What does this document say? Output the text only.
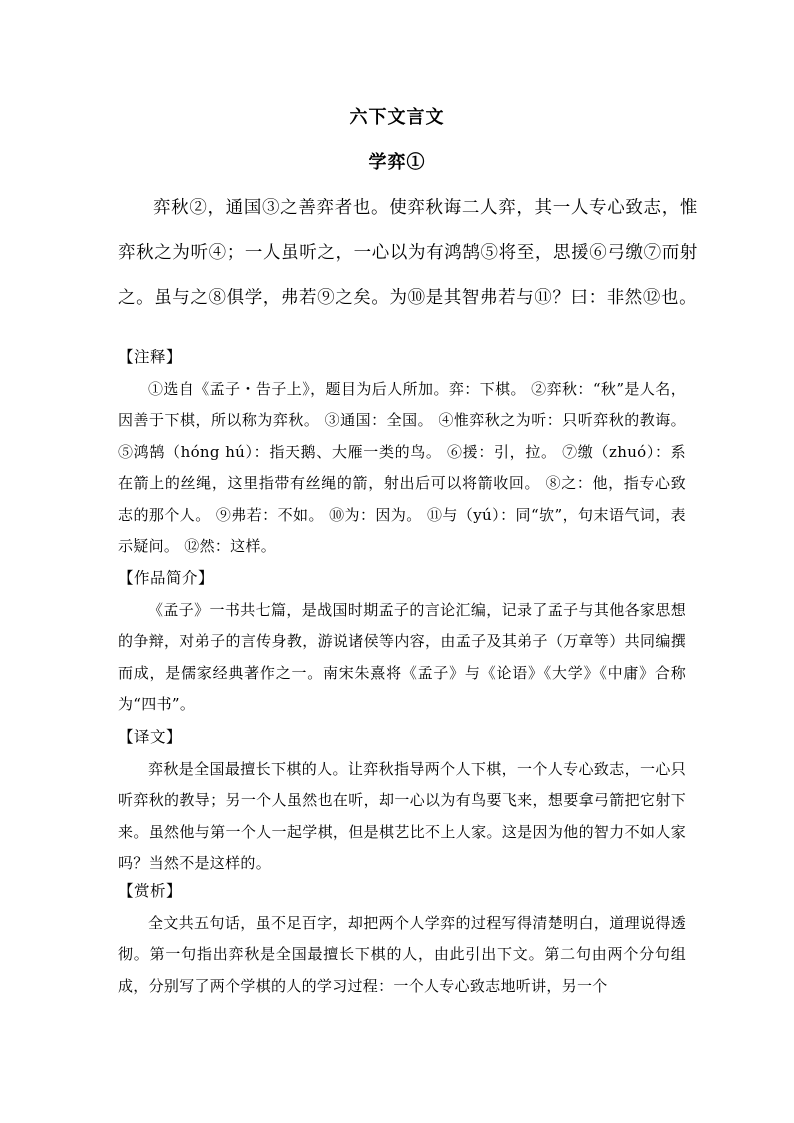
六下文言文
学弈①

弈秋②，通国③之善弈者也。使弈秋诲二人弈，其一人专心致志，惟弈秋之为听④；一人虽听之，一心以为有鸿鹄⑤将至，思援⑥弓缴⑦而射之。虽与之⑧俱学，弗若⑨之矣。为⑩是其智弗若与⑪？曰：非然⑫也。

【注释】

①选自《孟子・告子上》，题目为后人所加。弈：下棋。 ②弈秋：“秋”是人名，因善于下棋，所以称为弈秋。 ③通国：全国。 ④惟弈秋之为听：只听弈秋的教诲。 ⑤鸿鹄（hóng hú）：指天鹅、大雁一类的鸟。 ⑥援：引，拉。 ⑦缴（zhuó）：系在箭上的丝绳，这里指带有丝绳的箭，射出后可以将箭收回。 ⑧之：他，指专心致志的那个人。 ⑨弗若：不如。 ⑩为：因为。 ⑪与（yú）：同“欤”，句末语气词，表示疑问。 ⑫然：这样。

【作品简介】

《孟子》一书共七篇，是战国时期孟子的言论汇编，记录了孟子与其他各家思想的争辩，对弟子的言传身教，游说诸侯等内容，由孟子及其弟子（万章等）共同编撰而成，是儒家经典著作之一。南宋朱熹将《孟子》与《论语》《大学》《中庸》合称为“四书”。

【译文】

弈秋是全国最擅长下棋的人。让弈秋指导两个人下棋，一个人专心致志，一心只听弈秋的教导；另一个人虽然也在听，却一心以为有鸟要飞来，想要拿弓箭把它射下来。虽然他与第一个人一起学棋，但是棋艺比不上人家。这是因为他的智力不如人家吗？当然不是这样的。

【赏析】

全文共五句话，虽不足百字，却把两个人学弈的过程写得清楚明白，道理说得透彻。第一句指出弈秋是全国最擅长下棋的人，由此引出下文。第二句由两个分句组成，分别写了两个学棋的人的学习过程：一个人专心致志地听讲，另一个
